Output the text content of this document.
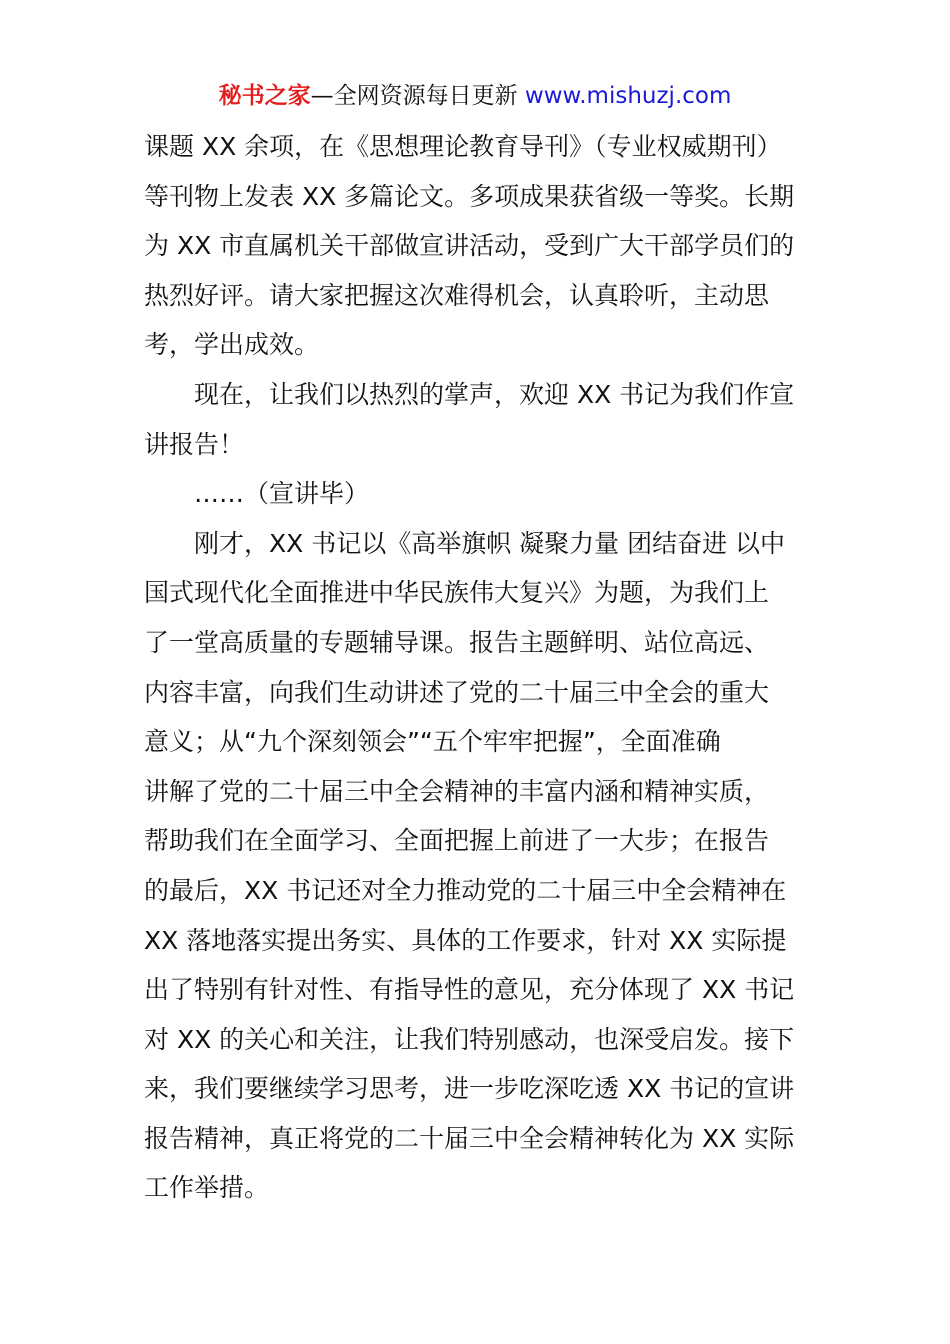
秘书之家—全网资源每日更新 www.mishuzj.com
课题 XX 余项，在《思想理论教育导刊》（专业权威期刊）
等刊物上发表 XX 多篇论文。多项成果获省级一等奖。长期
为 XX 市直属机关干部做宣讲活动，受到广大干部学员们的
热烈好评。请大家把握这次难得机会，认真聆听，主动思
考，学出成效。
现在，让我们以热烈的掌声，欢迎 XX 书记为我们作宣
讲报告！
……（宣讲毕）
刚才，XX 书记以《高举旗帜 凝聚力量 团结奋进 以中
国式现代化全面推进中华民族伟大复兴》为题，为我们上
了一堂高质量的专题辅导课。报告主题鲜明、站位高远、
内容丰富，向我们生动讲述了党的二十届三中全会的重大
意义；从“九个深刻领会”“五个牢牢把握”，全面准确
讲解了党的二十届三中全会精神的丰富内涵和精神实质，
帮助我们在全面学习、全面把握上前进了一大步；在报告
的最后，XX 书记还对全力推动党的二十届三中全会精神在
XX 落地落实提出务实、具体的工作要求，针对 XX 实际提
出了特别有针对性、有指导性的意见，充分体现了 XX 书记
对 XX 的关心和关注，让我们特别感动，也深受启发。接下
来，我们要继续学习思考，进一步吃深吃透 XX 书记的宣讲
报告精神，真正将党的二十届三中全会精神转化为 XX 实际
工作举措。
